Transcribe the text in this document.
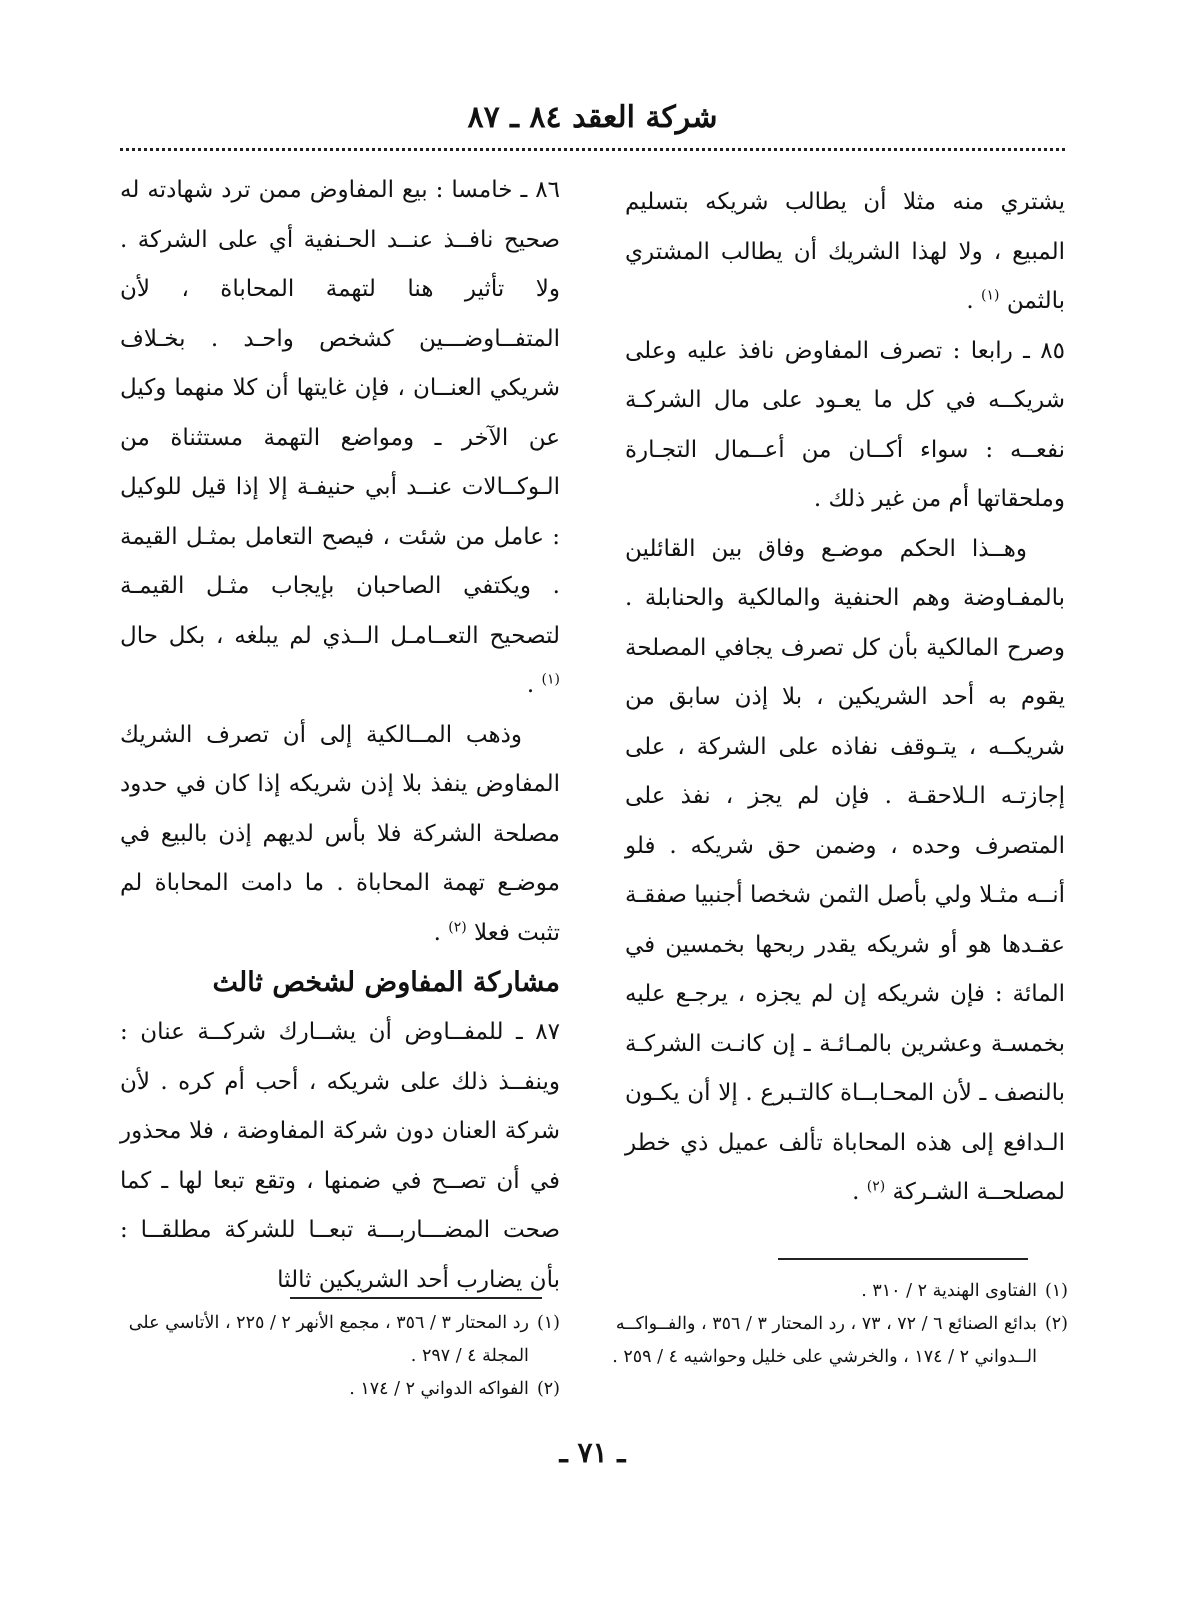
شركة العقد ٨٤ ـ ٨٧

يشتري منه مثلا أن يطالب شريكه بتسليم المبيع ، ولا لهذا الشريك أن يطالب المشتري بالثمن $^{(١)}$ .

٨٥ ـ رابعا : تصرف المفاوض نافذ عليه وعلى شريكــه في كل ما يعـود على مال الشركـة نفعــه : سواء أكــان من أعــمال التجـارة وملحقاتها أم من غير ذلك .

وهــذا الحكم موضـع وفاق بين القائلين بالمفـاوضة وهم الحنفية والمالكية والحنابلة . وصرح المالكية بأن كل تصرف يجافي المصلحة يقوم به أحد الشريكين ، بلا إذن سابق من شريكــه ، يتـوقف نفاذه على الشركة ، على إجازتـه الـلاحقـة . فإن لم يجز ، نفذ على المتصرف وحده ، وضمن حق شريكه . فلو أنــه مثـلا ولي بأصل الثمن شخصا أجنبيا صفقـة عقـدها هو أو شريكه يقدر ربحها بخمسين في المائة : فإن شريكه إن لم يجزه ، يرجـع عليه بخمسـة وعشرين بالمـائـة ـ إن كانـت الشركـة بالنصف ـ لأن المحـابــاة كالتـبرع . إلا أن يكـون الـدافع إلى هذه المحاباة تألف عميل ذي خطر لمصلحــة الشـركة $^{(٢)}$ .

٨٦ ـ خامسا : بيع المفاوض ممن ترد شهادته له صحيح نافــذ عنــد الحـنفية أي على الشركة . ولا تأثير هنا لتهمة المحاباة ، لأن المتفــاوضـــين كشخص واحـد . بخـلاف شريكي العنــان ، فإن غايتها أن كلا منهما وكيل عن الآخر ـ ومواضع التهمة مستثناة من الـوكــالات عنــد أبي حنيفـة إلا إذا قيل للوكيل : عامل من شئت ، فيصح التعامل بمثـل القيمة . ويكتفي الصاحبان بإيجاب مثـل القيمـة لتصحيح التعــامـل الــذي لم يبلغه ، بكل حال $^{(١)}$ .

وذهب المــالكية إلى أن تصرف الشريك المفاوض ينفذ بلا إذن شريكه إذا كان في حدود مصلحة الشركة فلا بأس لديهم إذن بالبيع في موضـع تهمة المحاباة . ما دامت المحاباة لم تثبت فعلا $^{(٢)}$ .

مشاركة المفاوض لشخص ثالث

٨٧ ـ للمفــاوض أن يشــارك شركــة عنان : وينفــذ ذلك على شريكه ، أحب أم كره . لأن شركة العنان دون شركة المفاوضة ، فلا محذور في أن تصــح في ضمنها ، وتقع تبعا لها ـ كما صحت المضـــاربـــة تبعــا للشركة مطلقــا : بأن يضارب أحد الشريكين ثالثا	(١)
الفتاوى الهندية ٢ / ٣١٠ .
(٢)
بدائع الصنائع ٦ / ٧٢ ، ٧٣ ، رد المحتار ٣ / ٣٥٦ ، والفــواكــه الــدواني ٢ / ١٧٤ ، والخرشي على خليل وحواشيه ٤ / ٢٥٩ .
(١)
رد المحتار ٣ / ٣٥٦ ، مجمع الأنهر ٢ / ٢٢٥ ، الأتاسي على المجلة ٤ / ٢٩٧ .
(٢)
الفواكه الدواني ٢ / ١٧٤ .
ـ ٧١ ـ
